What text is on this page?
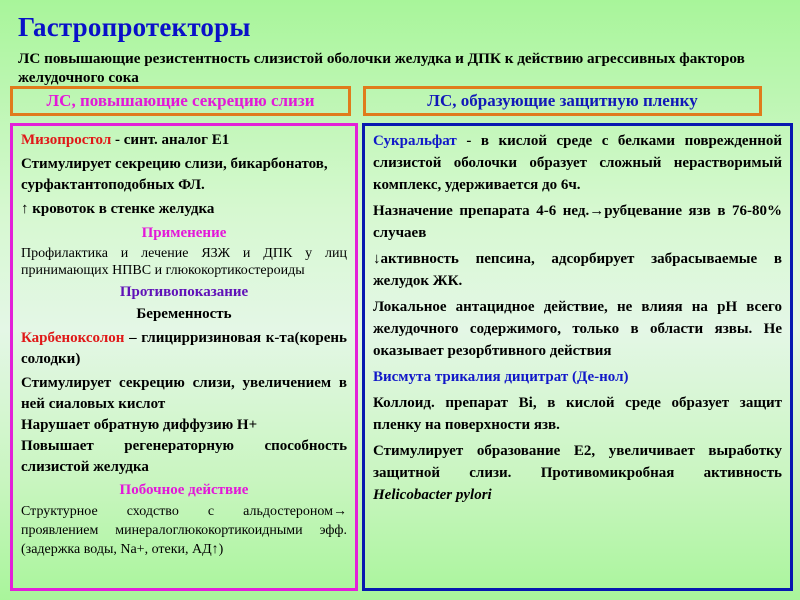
Гастропротекторы
ЛС повышающие резистентность слизистой оболочки желудка и ДПК к действию агрессивных факторов желудочного сока
ЛС, повышающие секрецию слизи	ЛС, образующие защитную пленку
Мизопростол - синт. аналог Е1
Стимулирует секрецию слизи, бикарбонатов, сурфактантоподобных ФЛ.
↑ кровоток в стенке желудка
Применение
Профилактика и лечение ЯЗЖ и ДПК у лиц принимающих НПВС и глюкокортикостероиды
Противопоказание
Беременность
Карбеноксолон – глицирризиновая к-та(корень солодки)
Стимулирует секрецию слизи, увеличением в ней сиаловых кислот
Нарушает обратную диффузию Н+
Повышает регенераторную способность слизистой желудка
Побочное действие
Структурное сходство с альдостероном→ проявлением минералоглюкокортикоидными эфф. (задержка воды, Na+, отеки, АД↑)
Сукральфат - в кислой среде с белками поврежденной слизистой оболочки образует сложный нерастворимый комплекс, удерживается до 6ч.
Назначение препарата 4-6 нед.→рубцевание язв в 76-80% случаев
↓активность пепсина, адсорбирует забрасываемые в желудок ЖК.
Локальное антацидное действие, не влияя на рН всего желудочного содержимого, только в области язвы. Не оказывает резорбтивного действия
Висмута трикалия дицитрат (Де-нол)
Коллоид. препарат Bi, в кислой среде образует защит пленку на поверхности язв.
Стимулирует образование Е2, увеличивает выработку защитной слизи. Противомикробная активность Helicobacter pylori
